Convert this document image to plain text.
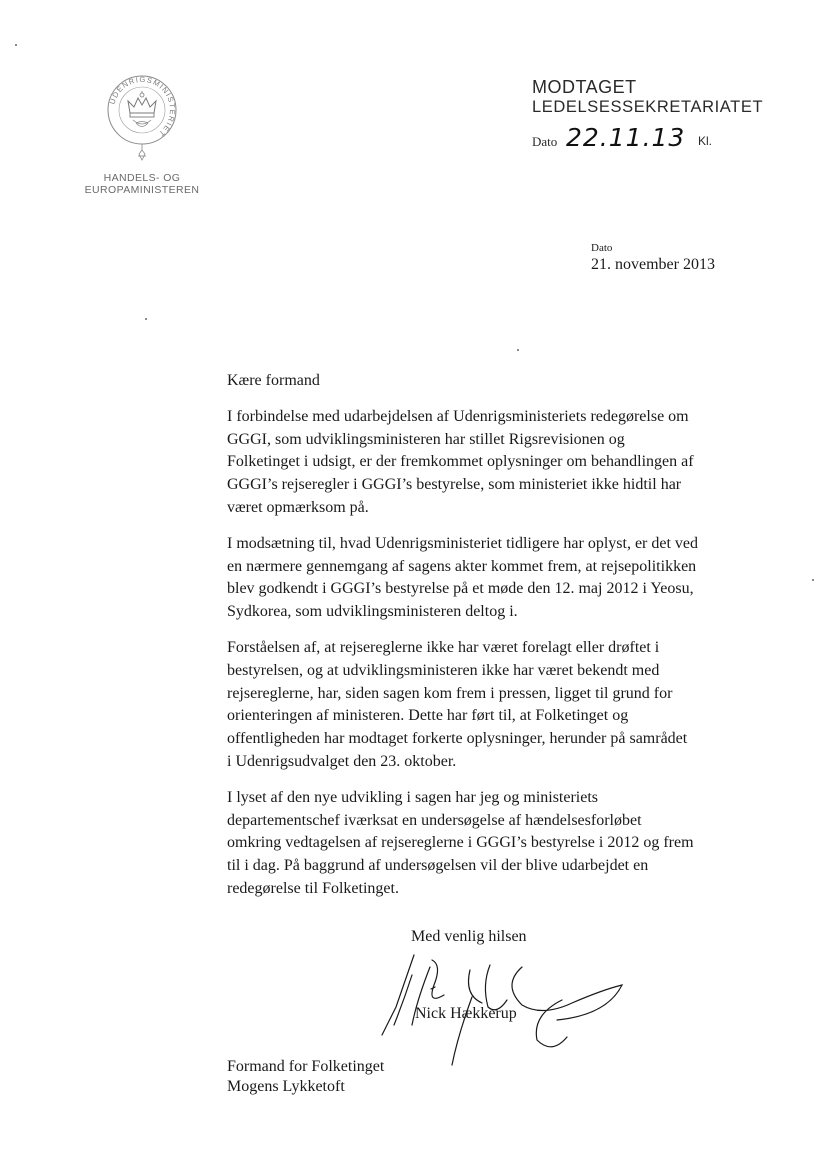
UDENRIGSMINISTERIET
HANDELS- OG
EUROPAMINISTEREN
MODTAGET
LEDELSESSEKRETARIATET
Dato 22.11.13 Kl.
Dato
21. november 2013
Kære formand
I forbindelse med udarbejdelsen af Udenrigsministeriets redegørelse om
GGGI, som udviklingsministeren har stillet Rigsrevisionen og
Folketinget i udsigt, er der fremkommet oplysninger om behandlingen af
GGGI’s rejseregler i GGGI’s bestyrelse, som ministeriet ikke hidtil har
været opmærksom på.
I modsætning til, hvad Udenrigsministeriet tidligere har oplyst, er det ved
en nærmere gennemgang af sagens akter kommet frem, at rejsepolitikken
blev godkendt i GGGI’s bestyrelse på et møde den 12. maj 2012 i Yeosu,
Sydkorea, som udviklingsministeren deltog i.
Forståelsen af, at rejsereglerne ikke har været forelagt eller drøftet i
bestyrelsen, og at udviklingsministeren ikke har været bekendt med
rejsereglerne, har, siden sagen kom frem i pressen, ligget til grund for
orienteringen af ministeren. Dette har ført til, at Folketinget og
offentligheden har modtaget forkerte oplysninger, herunder på samrådet
i Udenrigsudvalget den 23. oktober.
I lyset af den nye udvikling i sagen har jeg og ministeriets
departementschef iværksat en undersøgelse af hændelsesforløbet
omkring vedtagelsen af rejsereglerne i GGGI’s bestyrelse i 2012 og frem
til i dag. På baggrund af undersøgelsen vil der blive udarbejdet en
redegørelse til Folketinget.
Med venlig hilsen
Nick Hækkerup
Formand for Folketinget
Mogens Lykketoft
